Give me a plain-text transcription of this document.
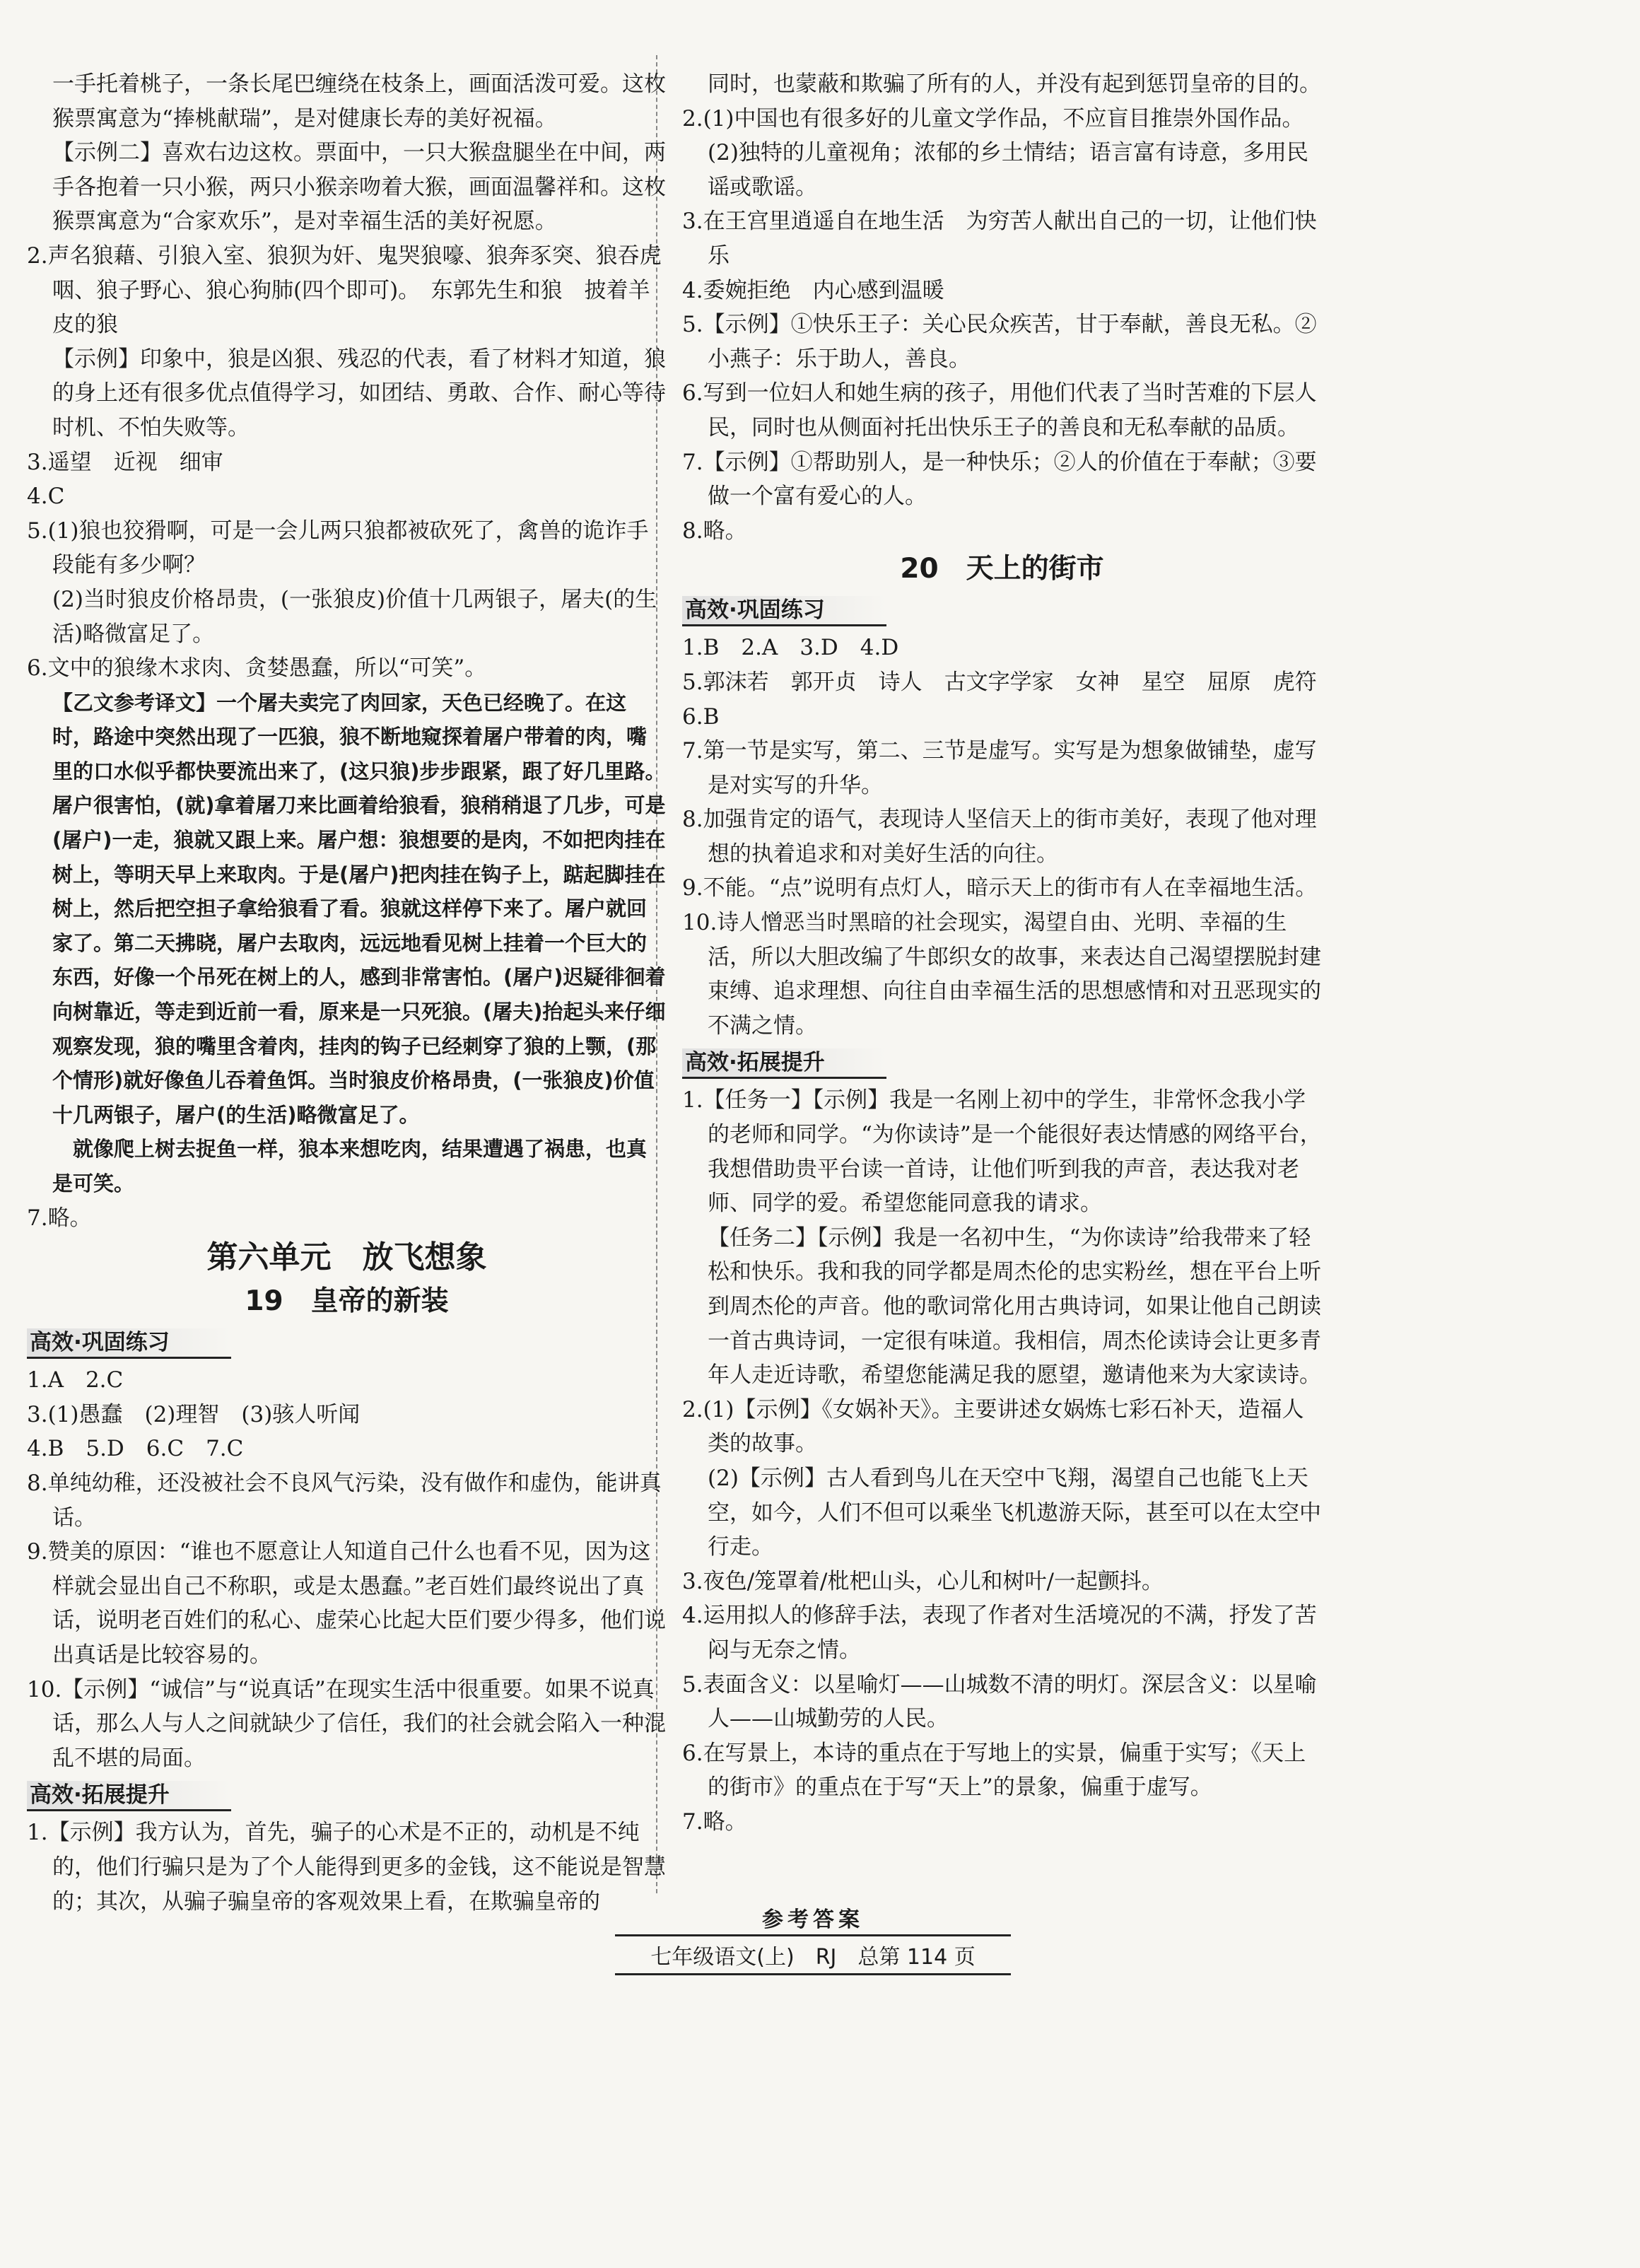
一手托着桃子，一条长尾巴缠绕在枝条上，画面活泼可爱。这枚猴票寓意为“捧桃献瑞”，是对健康长寿的美好祝福。
【示例二】喜欢右边这枚。票面中，一只大猴盘腿坐在中间，两手各抱着一只小猴，两只小猴亲吻着大猴，画面温馨祥和。这枚猴票寓意为“合家欢乐”，是对幸福生活的美好祝愿。
2.声名狼藉、引狼入室、狼狈为奸、鬼哭狼嚎、狼奔豕突、狼吞虎咽、狼子野心、狼心狗肺(四个即可)。　东郭先生和狼　披着羊皮的狼
【示例】印象中，狼是凶狠、残忍的代表，看了材料才知道，狼的身上还有很多优点值得学习，如团结、勇敢、合作、耐心等待时机、不怕失败等。
3.遥望　近视　细审
4.C
5.(1)狼也狡猾啊，可是一会儿两只狼都被砍死了，禽兽的诡诈手段能有多少啊？
(2)当时狼皮价格昂贵，(一张狼皮)价值十几两银子，屠夫(的生活)略微富足了。
6.文中的狼缘木求肉、贪婪愚蠢，所以“可笑”。
【乙文参考译文】一个屠夫卖完了肉回家，天色已经晚了。在这时，路途中突然出现了一匹狼，狼不断地窥探着屠户带着的肉，嘴里的口水似乎都快要流出来了，(这只狼)步步跟紧，跟了好几里路。屠户很害怕，(就)拿着屠刀来比画着给狼看，狼稍稍退了几步，可是(屠户)一走，狼就又跟上来。屠户想：狼想要的是肉，不如把肉挂在树上，等明天早上来取肉。于是(屠户)把肉挂在钩子上，踮起脚挂在树上，然后把空担子拿给狼看了看。狼就这样停下来了。屠户就回家了。第二天拂晓，屠户去取肉，远远地看见树上挂着一个巨大的东西，好像一个吊死在树上的人，感到非常害怕。(屠户)迟疑徘徊着向树靠近，等走到近前一看，原来是一只死狼。(屠夫)抬起头来仔细观察发现，狼的嘴里含着肉，挂肉的钩子已经刺穿了狼的上颚，(那个情形)就好像鱼儿吞着鱼饵。当时狼皮价格昂贵，(一张狼皮)价值十几两银子，屠户(的生活)略微富足了。
　就像爬上树去捉鱼一样，狼本来想吃肉，结果遭遇了祸患，也真是可笑。
7.略。
第六单元　放飞想象
19　皇帝的新装
高效·巩固练习
1.A　2.C
3.(1)愚蠢　(2)理智　(3)骇人听闻
4.B　5.D　6.C　7.C
8.单纯幼稚，还没被社会不良风气污染，没有做作和虚伪，能讲真话。
9.赞美的原因：“谁也不愿意让人知道自己什么也看不见，因为这样就会显出自己不称职，或是太愚蠢。”老百姓们最终说出了真话，说明老百姓们的私心、虚荣心比起大臣们要少得多，他们说出真话是比较容易的。
10.【示例】“诚信”与“说真话”在现实生活中很重要。如果不说真话，那么人与人之间就缺少了信任，我们的社会就会陷入一种混乱不堪的局面。
高效·拓展提升
1.【示例】我方认为，首先，骗子的心术是不正的，动机是不纯的，他们行骗只是为了个人能得到更多的金钱，这不能说是智慧的；其次，从骗子骗皇帝的客观效果上看，在欺骗皇帝的
同时，也蒙蔽和欺骗了所有的人，并没有起到惩罚皇帝的目的。
2.(1)中国也有很多好的儿童文学作品，不应盲目推崇外国作品。
(2)独特的儿童视角；浓郁的乡土情结；语言富有诗意，多用民谣或歌谣。
3.在王宫里逍遥自在地生活　为穷苦人献出自己的一切，让他们快乐
4.委婉拒绝　内心感到温暖
5.【示例】①快乐王子：关心民众疾苦，甘于奉献，善良无私。②小燕子：乐于助人，善良。
6.写到一位妇人和她生病的孩子，用他们代表了当时苦难的下层人民，同时也从侧面衬托出快乐王子的善良和无私奉献的品质。
7.【示例】①帮助别人，是一种快乐；②人的价值在于奉献；③要做一个富有爱心的人。
8.略。
20　天上的街市
高效·巩固练习
1.B　2.A　3.D　4.D
5.郭沫若　郭开贞　诗人　古文字学家　女神　星空　屈原　虎符
6.B
7.第一节是实写，第二、三节是虚写。实写是为想象做铺垫，虚写是对实写的升华。
8.加强肯定的语气，表现诗人坚信天上的街市美好，表现了他对理想的执着追求和对美好生活的向往。
9.不能。“点”说明有点灯人，暗示天上的街市有人在幸福地生活。
10.诗人憎恶当时黑暗的社会现实，渴望自由、光明、幸福的生活，所以大胆改编了牛郎织女的故事，来表达自己渴望摆脱封建束缚、追求理想、向往自由幸福生活的思想感情和对丑恶现实的不满之情。
高效·拓展提升
1.【任务一】【示例】我是一名刚上初中的学生，非常怀念我小学的老师和同学。“为你读诗”是一个能很好表达情感的网络平台，我想借助贵平台读一首诗，让他们听到我的声音，表达我对老师、同学的爱。希望您能同意我的请求。
【任务二】【示例】我是一名初中生，“为你读诗”给我带来了轻松和快乐。我和我的同学都是周杰伦的忠实粉丝，想在平台上听到周杰伦的声音。他的歌词常化用古典诗词，如果让他自己朗读一首古典诗词，一定很有味道。我相信，周杰伦读诗会让更多青年人走近诗歌，希望您能满足我的愿望，邀请他来为大家读诗。
2.(1)【示例】《女娲补天》。主要讲述女娲炼七彩石补天，造福人类的故事。
(2)【示例】古人看到鸟儿在天空中飞翔，渴望自己也能飞上天空，如今，人们不但可以乘坐飞机遨游天际，甚至可以在太空中行走。
3.夜色/笼罩着/枇杷山头，心儿和树叶/一起颤抖。
4.运用拟人的修辞手法，表现了作者对生活境况的不满，抒发了苦闷与无奈之情。
5.表面含义：以星喻灯——山城数不清的明灯。深层含义：以星喻人——山城勤劳的人民。
6.在写景上，本诗的重点在于写地上的实景，偏重于实写；《天上的街市》的重点在于写“天上”的景象，偏重于虚写。
7.略。
参考答案
七年级语文(上)　RJ　总第 114 页
